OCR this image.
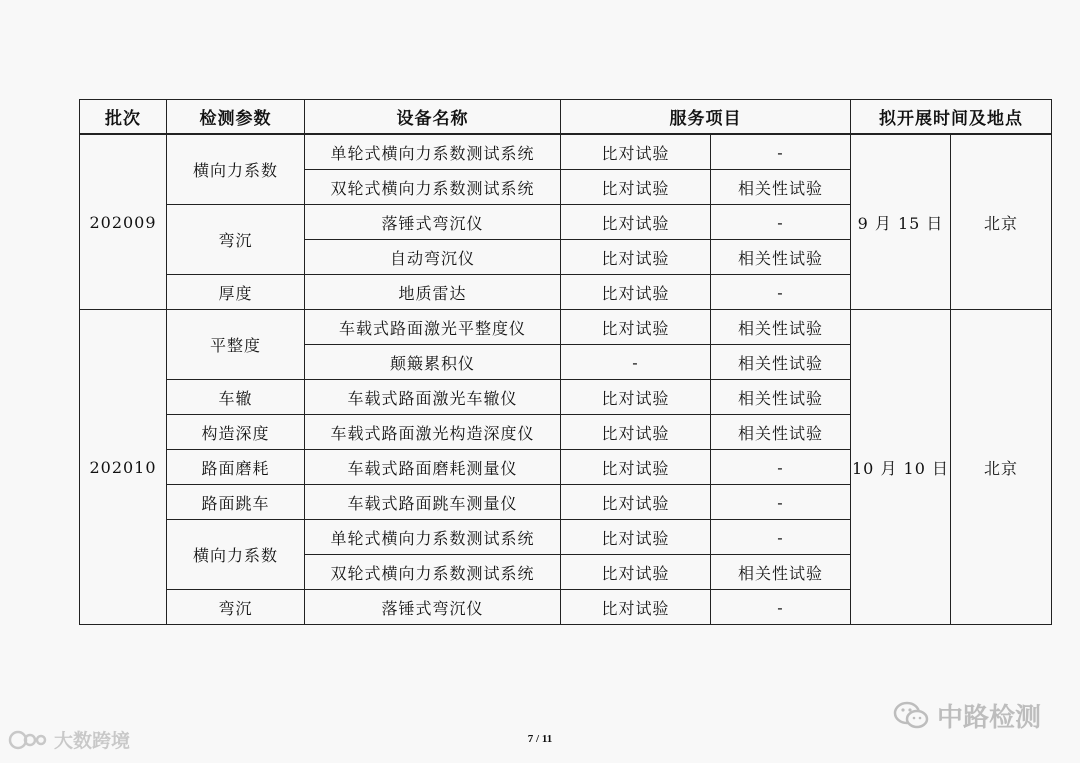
批次	检测参数	设备名称	服务项目		拟开展时间及地点	
202009	横向力系数	单轮式横向力系数测试系统	比对试验	-	9 月 15 日	北京
		双轮式横向力系数测试系统	比对试验	相关性试验		
	弯沉	落锤式弯沉仪	比对试验	-		
		自动弯沉仪	比对试验	相关性试验		
	厚度	地质雷达	比对试验	-		
202010	平整度	车载式路面激光平整度仪	比对试验	相关性试验	10 月 10 日	北京
		颠簸累积仪	-	相关性试验		
	车辙	车载式路面激光车辙仪	比对试验	相关性试验		
	构造深度	车载式路面激光构造深度仪	比对试验	相关性试验		
	路面磨耗	车载式路面磨耗测量仪	比对试验	-		
	路面跳车	车载式路面跳车测量仪	比对试验	-		
	横向力系数	单轮式横向力系数测试系统	比对试验	-		
		双轮式横向力系数测试系统	比对试验	相关性试验		
	弯沉	落锤式弯沉仪	比对试验	-		
7 / 11
大数跨境
中路检测
